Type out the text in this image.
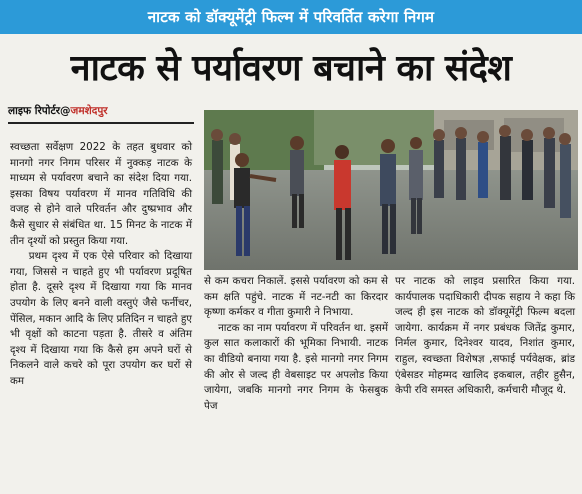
नाटक को डॉक्यूमेंट्री फिल्म में परिवर्तित करेगा निगम
नाटक से पर्यावरण बचाने का संदेश
लाइफ रिपोर्टर@जमशेदपुर
स्वच्छता सर्वेक्षण 2022 के तहत बुधवार को मानगो नगर निगम परिसर में नुक्कड़ नाटक के माध्यम से पर्यावरण बचाने का संदेश दिया गया. इसका विषय पर्यावरण में मानव गतिविधि की वजह से होने वाले परिवर्तन और दुष्प्रभाव और कैसे सुधार से संबंधित था. 15 मिनट के नाटक में तीन दृश्यों को प्रस्तुत किया गया.
प्रथम दृश्य में एक ऐसे परिवार को दिखाया गया, जिससे न चाहते हुए भी पर्यावरण प्रदूषित होता है. दूसरे दृश्य में दिखाया गया कि मानव उपयोग के लिए बनने वाली वस्तुएं जैसे फर्नीचर, पेंसिल, मकान आदि के लिए प्रतिदिन न चाहते हुए भी वृक्षों को काटना पड़ता है. तीसरे व अंतिम दृश्य में दिखाया गया कि कैसे हम अपने घरों से निकलने वाले कचरे को पूरा उपयोग कर घरों से कम
से कम कचरा निकालें. इससे पर्यावरण को कम से कम क्षति पहुंचे. नाटक में नट-नटी का किरदार कृष्णा कर्मकर व गीता कुमारी ने निभाया.
नाटक का नाम पर्यावरण में परिवर्तन था. इसमें कुल सात कलाकारों की भूमिका निभायी. नाटक का वीडियो बनाया गया है. इसे मानगो नगर निगम की ओर से जल्द ही वेबसाइट पर अपलोड किया जायेगा, जबकि मानगो नगर निगम के फेसबुक पेज
पर नाटक को लाइव प्रसारित किया गया. कार्यपालक पदाधिकारी दीपक सहाय ने कहा कि जल्द ही इस नाटक को डॉक्यूमेंट्री फिल्म बदला जायेगा. कार्यक्रम में नगर प्रबंधक जितेंद्र कुमार, निर्मल कुमार, दिनेश्वर यादव, निशांत कुमार, राहुल, स्वच्छता विशेषज्ञ ,सफाई पर्यवेक्षक, ब्रांड एंबेसडर मोहम्मद खालिद इकबाल, तहीर हुसैन, केपी रवि समस्त अधिकारी, कर्मचारी मौजूद थे.
